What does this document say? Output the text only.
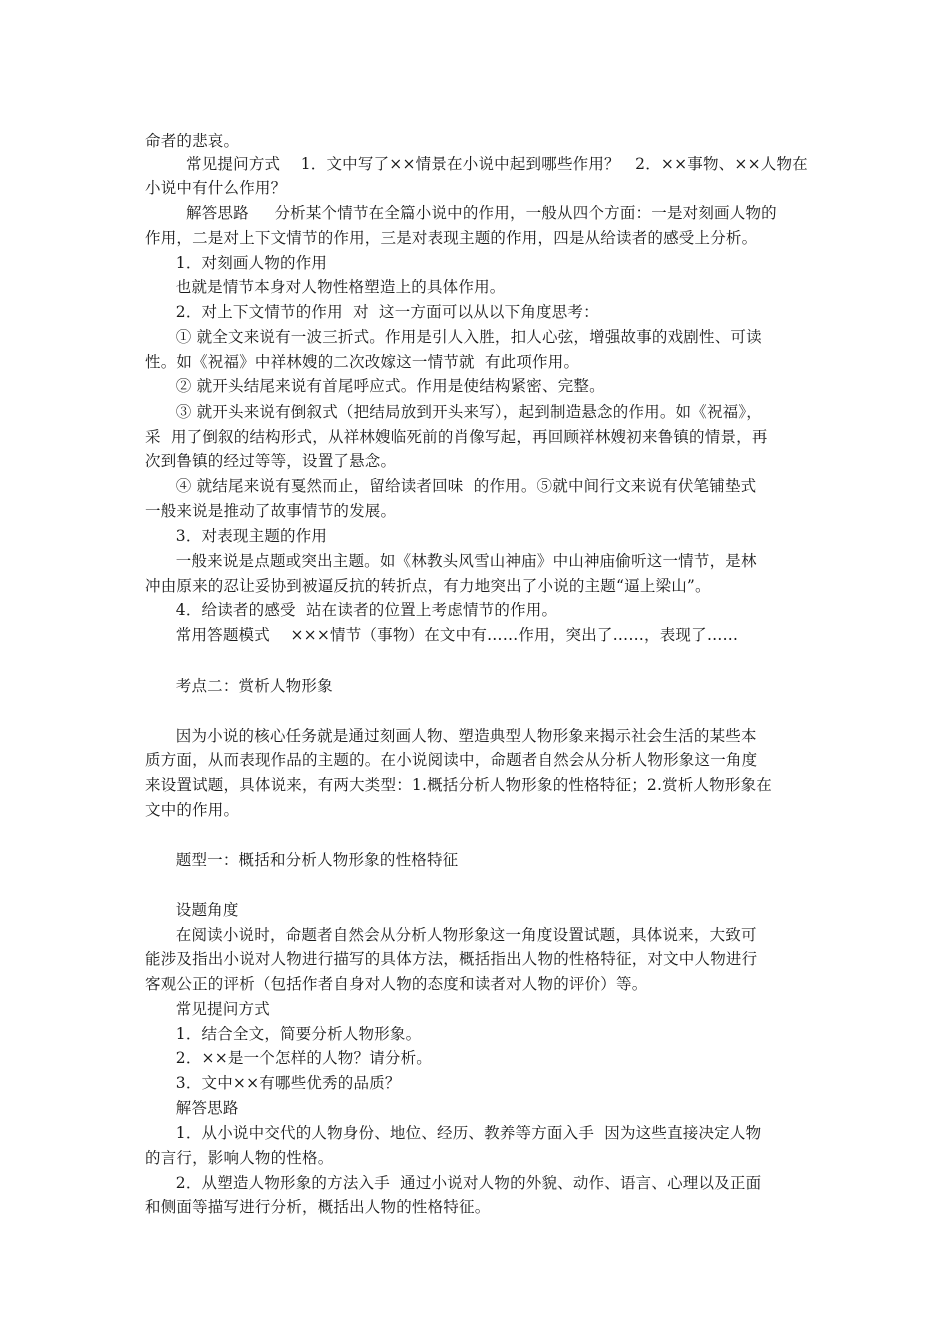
命者的悲哀。
常见提问方式    1．文中写了××情景在小说中起到哪些作用？   2．××事物、××人物在
小说中有什么作用？
解答思路     分析某个情节在全篇小说中的作用，一般从四个方面：一是对刻画人物的
作用，二是对上下文情节的作用，三是对表现主题的作用，四是从给读者的感受上分析。
1．对刻画人物的作用
也就是情节本身对人物性格塑造上的具体作用。
2．对上下文情节的作用  对  这一方面可以从以下角度思考：
① 就全文来说有一波三折式。作用是引人入胜，扣人心弦，增强故事的戏剧性、可读
性。如《祝福》中祥林嫂的二次改嫁这一情节就  有此项作用。
② 就开头结尾来说有首尾呼应式。作用是使结构紧密、完整。
③ 就开头来说有倒叙式（把结局放到开头来写），起到制造悬念的作用。如《祝福》，
采  用了倒叙的结构形式，从祥林嫂临死前的肖像写起，再回顾祥林嫂初来鲁镇的情景，再
次到鲁镇的经过等等，设置了悬念。
④ 就结尾来说有戛然而止，留给读者回味  的作用。⑤就中间行文来说有伏笔铺垫式
一般来说是推动了故事情节的发展。
3．对表现主题的作用
一般来说是点题或突出主题。如《林教头风雪山神庙》中山神庙偷听这一情节，是林
冲由原来的忍让妥协到被逼反抗的转折点，有力地突出了小说的主题“逼上梁山”。
4．给读者的感受  站在读者的位置上考虑情节的作用。
常用答题模式    ×××情节（事物）在文中有……作用，突出了……，表现了……
考点二：赏析人物形象
因为小说的核心任务就是通过刻画人物、塑造典型人物形象来揭示社会生活的某些本
质方面，从而表现作品的主题的。在小说阅读中，命题者自然会从分析人物形象这一角度
来设置试题，具体说来，有两大类型：1.概括分析人物形象的性格特征；2.赏析人物形象在
文中的作用。
题型一：概括和分析人物形象的性格特征
设题角度
在阅读小说时，命题者自然会从分析人物形象这一角度设置试题，具体说来，大致可
能涉及指出小说对人物进行描写的具体方法，概括指出人物的性格特征，对文中人物进行
客观公正的评析（包括作者自身对人物的态度和读者对人物的评价）等。
常见提问方式
1．结合全文，简要分析人物形象。
2．××是一个怎样的人物？请分析。
3．文中××有哪些优秀的品质？
解答思路
1．从小说中交代的人物身份、地位、经历、教养等方面入手  因为这些直接决定人物
的言行，影响人物的性格。
2．从塑造人物形象的方法入手  通过小说对人物的外貌、动作、语言、心理以及正面
和侧面等描写进行分析，概括出人物的性格特征。
